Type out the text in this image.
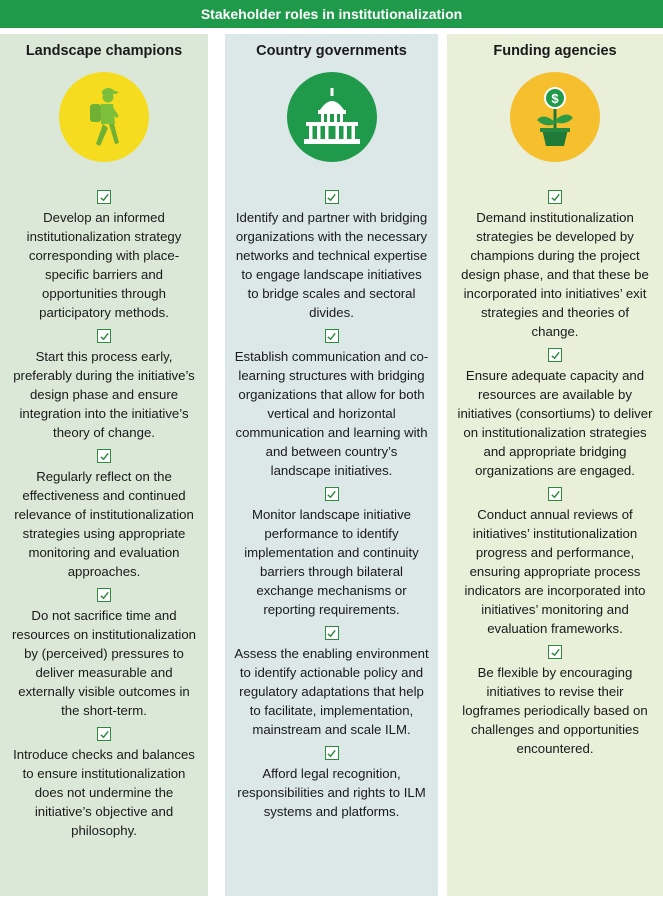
Stakeholder roles in institutionalization
Landscape champions
Develop an informed institutionalization strategy corresponding with place-specific barriers and opportunities through participatory methods.
Start this process early, preferably during the initiative’s design phase and ensure integration into the initiative’s theory of change.
Regularly reflect on the effectiveness and continued relevance of institutionalization strategies using appropriate monitoring and evaluation approaches.
Do not sacrifice time and resources on institutionalization by (perceived) pressures to deliver measurable and externally visible outcomes in the short-term.
Introduce checks and balances to ensure institutionalization does not undermine the initiative’s objective and philosophy.
Country governments
Identify and partner with bridging organizations with the necessary networks and technical expertise to engage landscape initiatives to bridge scales and sectoral divides.
Establish communication and co-learning structures with bridging organizations that allow for both vertical and horizontal communication and learning with and between country’s landscape initiatives.
Monitor landscape initiative performance to identify implementation and continuity barriers through bilateral exchange mechanisms or reporting requirements.
Assess the enabling environment to identify actionable policy and regulatory adaptations that help to facilitate, implementation, mainstream and scale ILM.
Afford legal recognition, responsibilities and rights to ILM systems and platforms.
Funding agencies
$
Demand institutionalization strategies be developed by champions during the project design phase, and that these be incorporated into initiatives’ exit strategies and theories of change.
Ensure adequate capacity and resources are available by initiatives (consortiums) to deliver on institutionalization strategies and appropriate bridging organizations are engaged.
Conduct annual reviews of initiatives’ institutionalization progress and performance, ensuring appropriate process indicators are incorporated into initiatives’ monitoring and evaluation frameworks.
Be flexible by encouraging initiatives to revise their logframes periodically based on challenges and opportunities encountered.
